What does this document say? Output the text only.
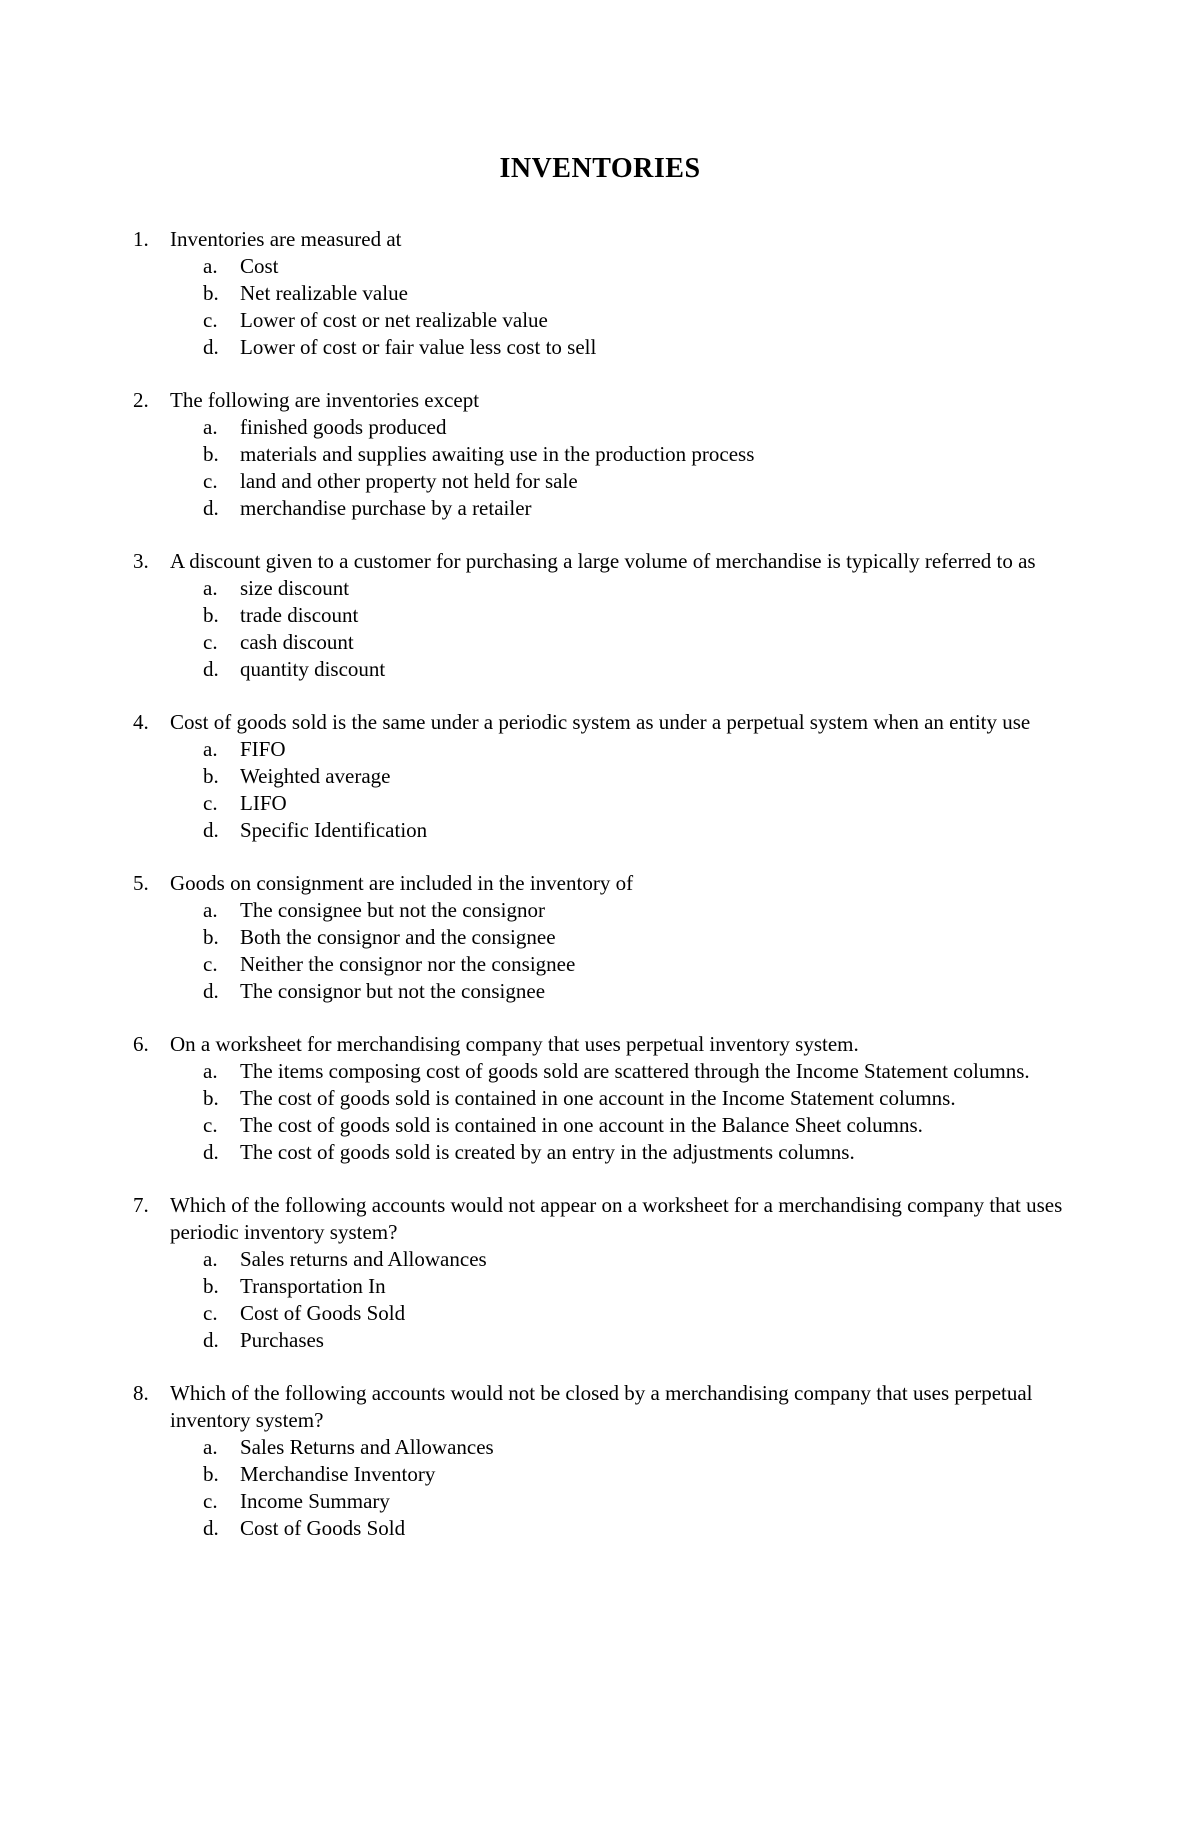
INVENTORIES
1. Inventories are measured at
a. Cost
b. Net realizable value
c. Lower of cost or net realizable value
d. Lower of cost or fair value less cost to sell
2. The following are inventories except
a. finished goods produced
b. materials and supplies awaiting use in the production process
c. land and other property not held for sale
d. merchandise purchase by a retailer
3. A discount given to a customer for purchasing a large volume of merchandise is typically referred to as
a. size discount
b. trade discount
c. cash discount
d. quantity discount
4. Cost of goods sold is the same under a periodic system as under a perpetual system when an entity use
a. FIFO
b. Weighted average
c. LIFO
d. Specific Identification
5. Goods on consignment are included in the inventory of
a. The consignee but not the consignor
b. Both the consignor and the consignee
c. Neither the consignor nor the consignee
d. The consignor but not the consignee
6. On a worksheet for merchandising company that uses perpetual inventory system.
a. The items composing cost of goods sold are scattered through the Income Statement columns.
b. The cost of goods sold is contained in one account in the Income Statement columns.
c. The cost of goods sold is contained in one account in the Balance Sheet columns.
d. The cost of goods sold is created by an entry in the adjustments columns.
7. Which of the following accounts would not appear on a worksheet for a merchandising company that uses periodic inventory system?
a. Sales returns and Allowances
b. Transportation In
c. Cost of Goods Sold
d. Purchases
8. Which of the following accounts would not be closed by a merchandising company that uses perpetual inventory system?
a. Sales Returns and Allowances
b. Merchandise Inventory
c. Income Summary
d. Cost of Goods Sold
